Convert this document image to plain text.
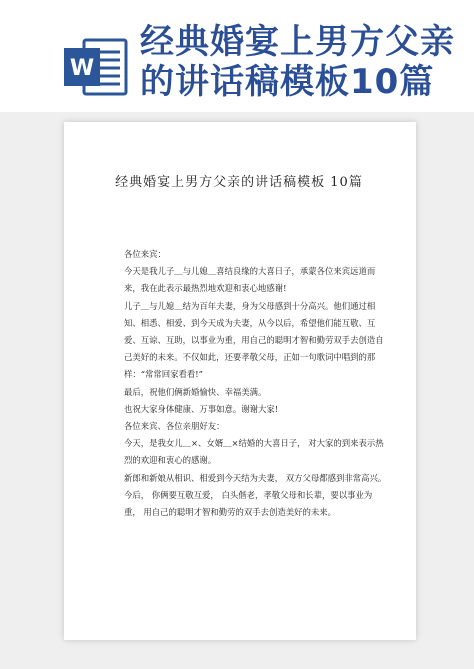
W
经典婚宴上男方父亲的讲话稿模板10篇
经典婚宴上男方父亲的讲话稿模板 10篇

各位来宾：

今天是我儿子＿与儿媳＿喜结良缘的大喜日子，承蒙各位来宾远道而来，我在此表示最热烈地欢迎和衷心地感谢!

儿子＿与儿媳＿结为百年夫妻，身为父母感到十分高兴。他们通过相知、相悉、相爱、到今天成为夫妻，从今以后，希望他们能互敬、互爱、互谅、互助，以事业为重，用自己的聪明才智和勤劳双手去创造自己美好的未来。不仅如此，还要孝敬父母，正如一句歌词中唱到的那样：“常常回家看看!”

最后，祝他们俩新婚愉快、幸福美满。

也祝大家身体健康、万事如意。谢谢大家!

各位来宾、各位亲朋好友：

今天，是我女儿＿×、女婿＿×结婚的大喜日子， 对大家的到来表示热烈的欢迎和衷心的感谢。

新郎和新娘从相识、相爱到今天结为夫妻， 双方父母都感到非常高兴。今后， 你俩要互敬互爱， 白头偕老，孝敬父母和长辈，要以事业为重， 用自己的聪明才智和勤劳的双手去创造美好的未来。
